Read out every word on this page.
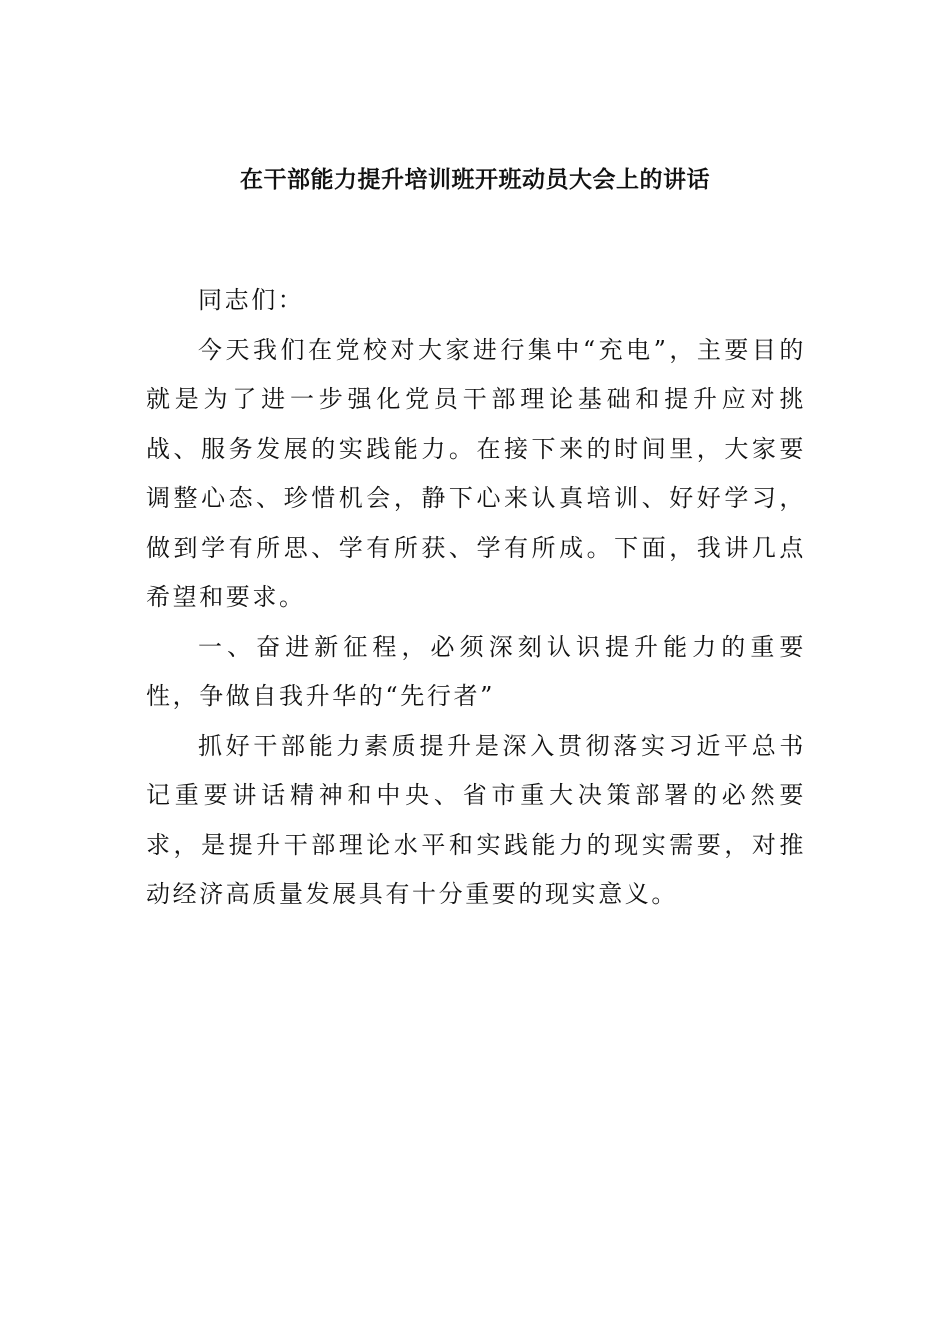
在干部能力提升培训班开班动员大会上的讲话

同志们：

今天我们在党校对大家进行集中“充电”，主要目的就是为了进一步强化党员干部理论基础和提升应对挑战、服务发展的实践能力。在接下来的时间里，大家要调整心态、珍惜机会，静下心来认真培训、好好学习，做到学有所思、学有所获、学有所成。下面，我讲几点希望和要求。

一、奋进新征程，必须深刻认识提升能力的重要性，争做自我升华的“先行者”

抓好干部能力素质提升是深入贯彻落实习近平总书记重要讲话精神和中央、省市重大决策部署的必然要求，是提升干部理论水平和实践能力的现实需要，对推动经济高质量发展具有十分重要的现实意义。
